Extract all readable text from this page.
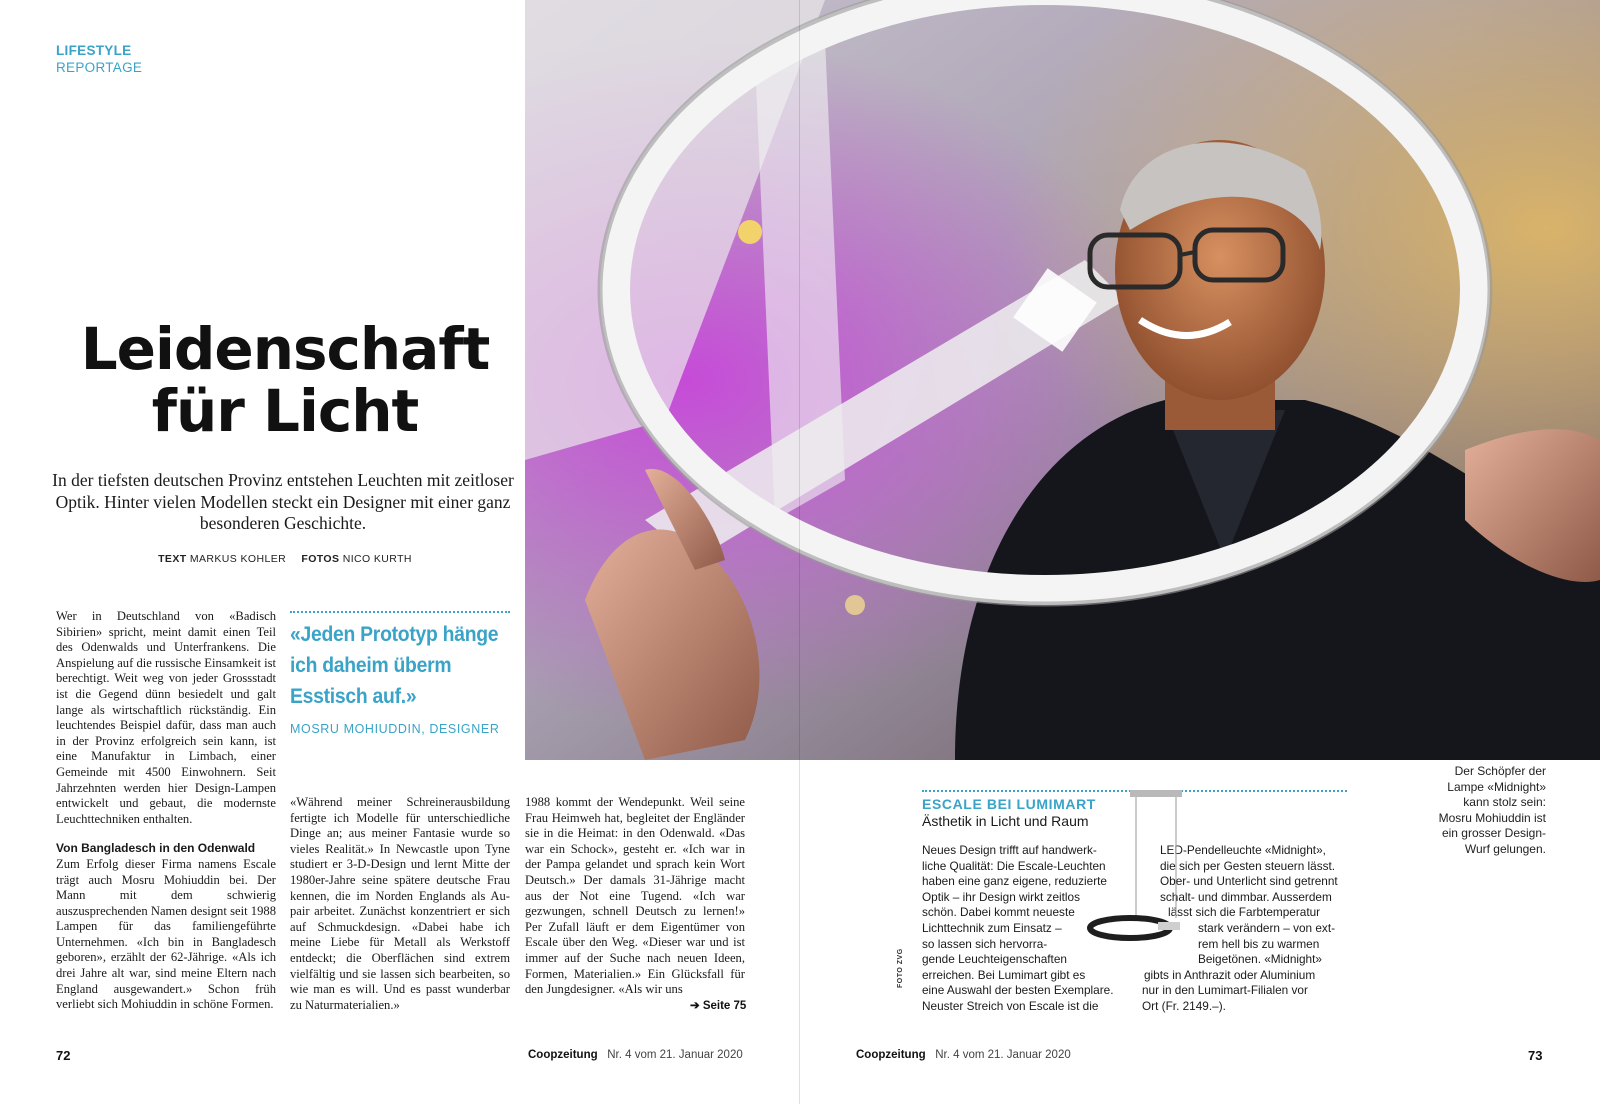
LIFESTYLE
REPORTAGE
Leidenschaft
für Licht
In der tiefsten deutschen Provinz entstehen Leuchten mit zeitloser Optik. Hinter vielen Modellen steckt ein Designer mit einer ganz besonderen Geschichte.
TEXT MARKUS KOHLER FOTOS NICO KURTH

Wer in Deutschland von «Badisch Sibirien» spricht, meint damit einen Teil des Odenwalds und Unterfrankens. Die Anspielung auf die russische Einsamkeit ist berechtigt. Weit weg von jeder Grossstadt ist die Gegend dünn besiedelt und galt lange als wirtschaftlich rückständig. Ein leuchtendes Beispiel dafür, dass man auch in der Provinz erfolgreich sein kann, ist eine Manufaktur in Limbach, einer Gemeinde mit 4500 Einwohnern. Seit Jahrzehnten werden hier Design-Lampen entwickelt und gebaut, die modernste Leuchttechniken enthalten.

Von Bangladesch in den Odenwald

Zum Erfolg dieser Firma namens Escale trägt auch Mosru Mohiuddin bei. Der Mann mit dem schwierig auszusprechenden Namen designt seit 1988 Lampen für das familiengeführte Unternehmen. «Ich bin in Bangladesch geboren», erzählt der 62-Jährige. «Als ich drei Jahre alt war, sind meine Eltern nach England ausgewandert.» Schon früh verliebt sich Mohiuddin in schöne Formen.

«Jeden Prototyp hänge ich daheim überm Esstisch auf.»
MOSRU MOHIUDDIN, DESIGNER

«Während meiner Schreinerausbildung fertigte ich Modelle für unterschiedliche Dinge an; aus meiner Fantasie wurde so vieles Realität.» In Newcastle upon Tyne studiert er 3-D-Design und lernt Mitte der 1980er-Jahre seine spätere deutsche Frau kennen, die im Norden Englands als Au-pair arbeitet. Zunächst konzentriert er sich auf Schmuckdesign. «Dabei habe ich meine Liebe für Metall als Werkstoff entdeckt; die Oberflächen sind extrem vielfältig und sie lassen sich bearbeiten, so wie man es will. Und es passt wunderbar zu Naturmaterialien.»

1988 kommt der Wendepunkt. Weil seine Frau Heimweh hat, begleitet der Engländer sie in die Heimat: in den Odenwald. «Das war ein Schock», gesteht er. «Ich war in der Pampa gelandet und sprach kein Wort Deutsch.» Der damals 31-Jährige macht aus der Not eine Tugend. «Ich war gezwungen, schnell Deutsch zu lernen!» Per Zufall läuft er dem Eigentümer von Escale über den Weg. «Dieser war und ist immer auf der Suche nach neuen Ideen, Formen, Materialien.» Ein Glücksfall für den Jungdesigner. «Als wir uns

➔ Seite 75
Der Schöpfer der
Lampe «Midnight»
kann stolz sein:
Mosru Mohiuddin ist
ein grosser Design-
Wurf gelungen.
ESCALE BEI LUMIMART
Ästhetik in Licht und Raum
Neues Design trifft auf handwerk-
liche Qualität: Die Escale-Leuchten
haben eine ganz eigene, reduzierte
Optik – ihr Design wirkt zeitlos
schön. Dabei kommt neueste
Lichttechnik zum Einsatz –
so lassen sich hervorra-
gende Leuchteigenschaften
erreichen. Bei Lumimart gibt es
eine Auswahl der besten Exemplare.
Neuster Streich von Escale ist die
LED-Pendelleuchte «Midnight»,
die sich per Gesten steuern lässt.
Ober- und Unterlicht sind getrennt
schalt- und dimmbar. Ausserdem
lässt sich die Farbtemperatur
stark verändern – von ext-
rem hell bis zu warmen
Beigetönen. «Midnight»
gibts in Anthrazit oder Aluminium
nur in den Lumimart-Filialen vor
Ort (Fr. 2149.–).
FOTO ZVG
72	Coopzeitung Nr. 4 vom 21. Januar 2020	Coopzeitung Nr. 4 vom 21. Januar 2020	73
